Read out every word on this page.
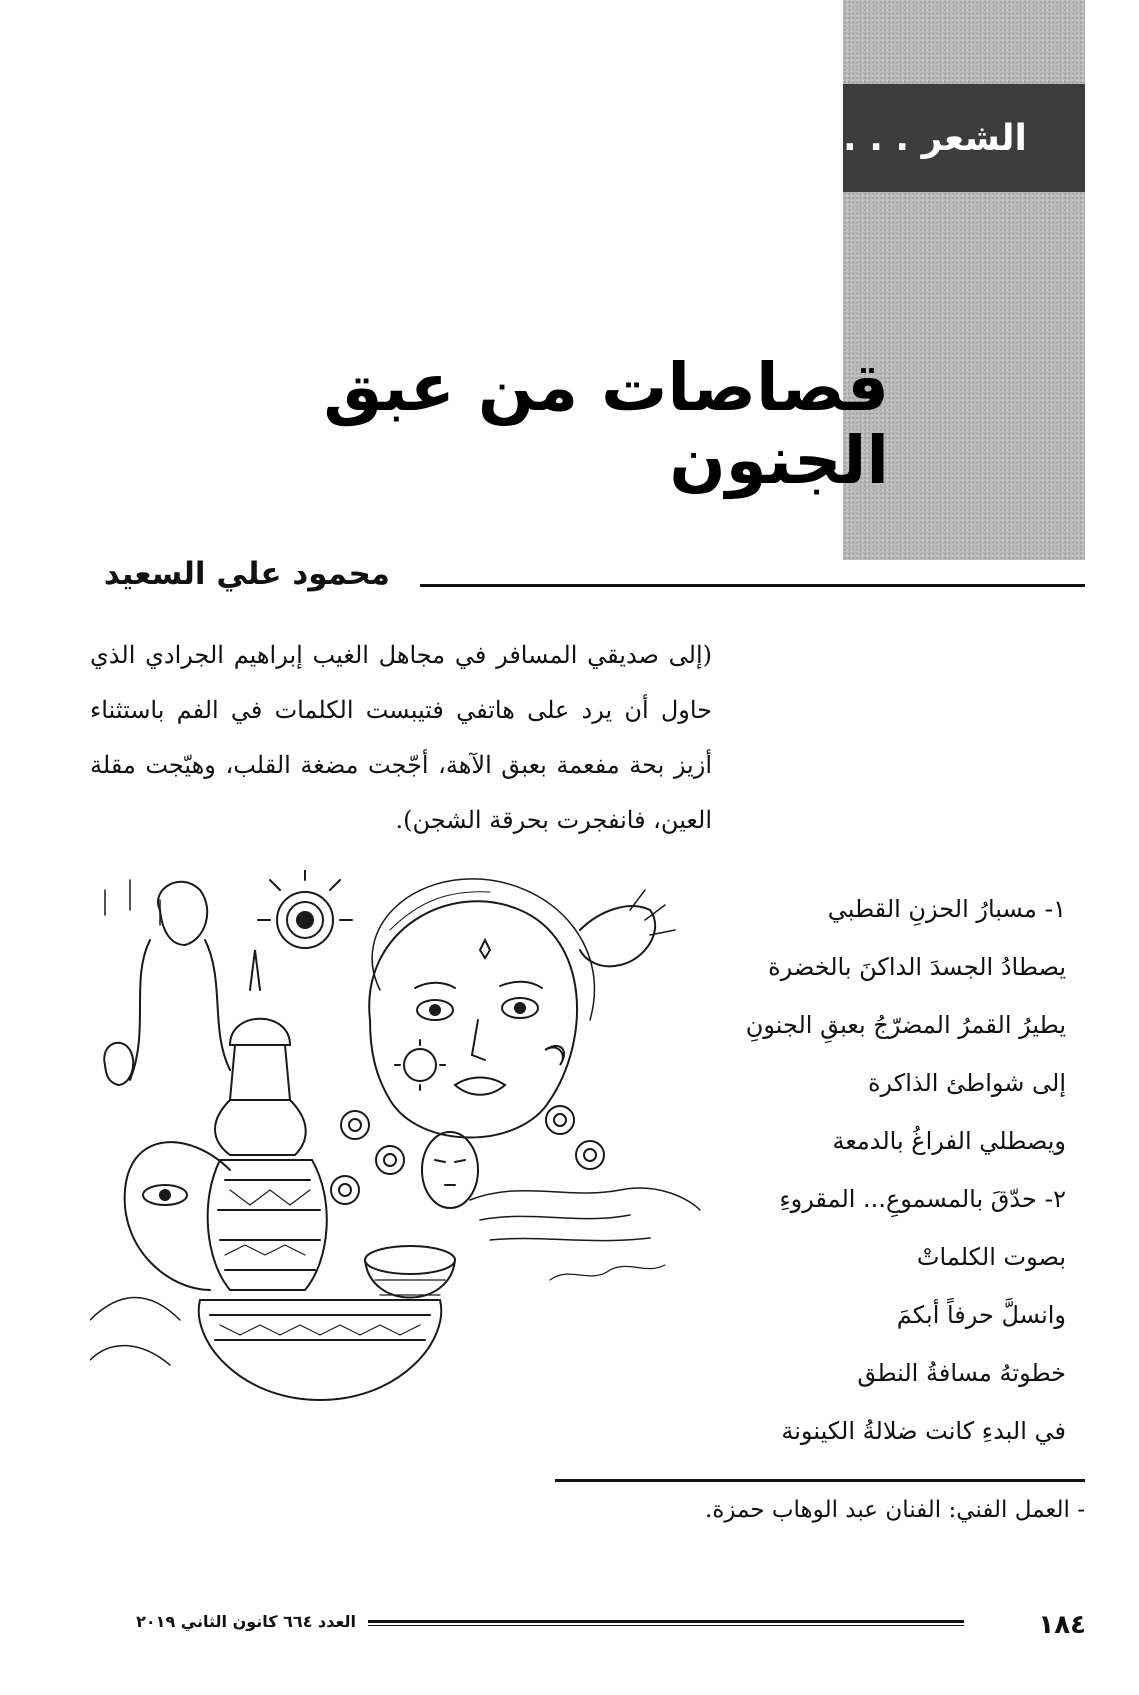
الشعر . . .
قصاصات من عبق الجنون
محمود علي السعيد
(إلى صديقي المسافر في مجاهل الغيب إبراهيم الجرادي الذي حاول أن يرد على هاتفي فتيبست الكلمات في الفم باستثناء أزيز بحة مفعمة بعبق الآهة، أجّجت مضغة القلب، وهيّجت مقلة العين، فانفجرت بحرقة الشجن).
١- مسبارُ الحزنِ القطبي
يصطادُ الجسدَ الداكنَ بالخضرة
يطيرُ القمرُ المضرّجُ بعبقِ الجنونِ
إلى شواطئ الذاكرة
ويصطلي الفراغُ بالدمعة
٢- حدّقَ بالمسموعِ... المقروءِ
بصوت الكلماتْ
وانسلَّ حرفاً أبكمَ
خطوتهُ مسافةُ النطق
في البدءِ كانت ضلالةُ الكينونة
- العمل الفني: الفنان عبد الوهاب حمزة.
١٨٤
العدد ٦٦٤ كانون الثاني ٢٠١٩
